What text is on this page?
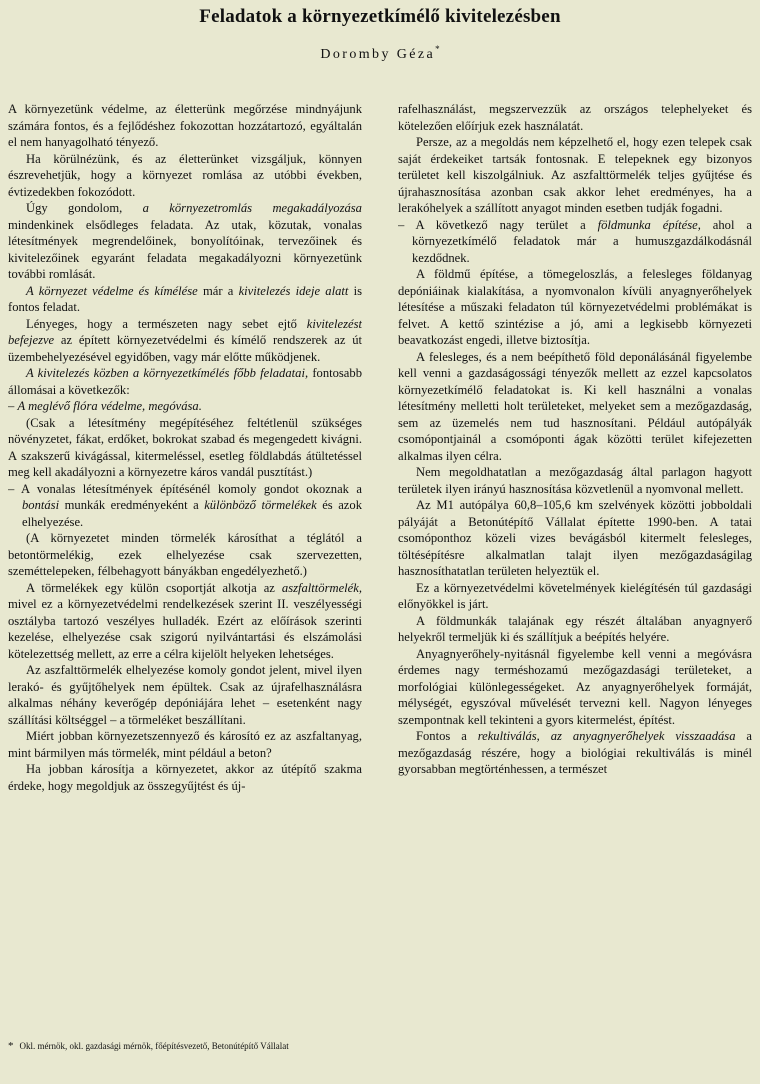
Feladatok a környezetkímélő kivitelezésben
Doromby Géza*

A környezetünk védelme, az életterünk megőrzése mindnyájunk számára fontos, és a fejlődéshez fokozottan hozzátartozó, egyáltalán el nem hanyagolható tényező.

Ha körülnézünk, és az életterünket vizsgáljuk, könnyen észrevehetjük, hogy a környezet romlása az utóbbi években, évtizedekben fokozódott.

Úgy gondolom, a környezetromlás megakadályozása mindenkinek elsődleges feladata. Az utak, közutak, vonalas létesítmények megrendelőinek, bonyolítóinak, tervezőinek és kivitelezőinek egyaránt feladata megakadályozni környezetünk további romlását.

A környezet védelme és kímélése már a kivitelezés ideje alatt is fontos feladat.

Lényeges, hogy a természeten nagy sebet ejtő kivitelezést befejezve az épített környezetvédelmi és kímélő rendszerek az út üzembehelyezésével egyidőben, vagy már előtte működjenek.

A kivitelezés közben a környezetkímélés főbb feladatai, fontosabb állomásai a következők:

– A meglévő flóra védelme, megóvása.

(Csak a létesítmény megépítéséhez feltétlenül szükséges növényzetet, fákat, erdőket, bokrokat szabad és megengedett kivágni. A szakszerű kivágással, kitermeléssel, esetleg földlabdás átültetéssel meg kell akadályozni a környezetre káros vandál pusztítást.)

– A vonalas létesítmények építésénél komoly gondot okoznak a bontási munkák eredményeként a különböző törmelékek és azok elhelyezése.

(A környezetet minden törmelék károsíthat a téglától a betontörmelékig, ezek elhelyezése csak szervezetten, szeméttelepeken, félbehagyott bányákban engedélyezhető.)

A törmelékek egy külön csoportját alkotja az aszfalttörmelék, mivel ez a környezetvédelmi rendelkezések szerint II. veszélyességi osztályba tartozó veszélyes hulladék. Ezért az előírások szerinti kezelése, elhelyezése csak szigorú nyilvántartási és elszámolási kötelezettség mellett, az erre a célra kijelölt helyeken lehetséges.

Az aszfalttörmelék elhelyezése komoly gondot jelent, mivel ilyen lerakó- és gyűjtőhelyek nem épültek. Csak az újrafelhasználásra alkalmas néhány keverőgép depóniájára lehet – esetenként nagy szállítási költséggel – a törmeléket beszállítani.

Miért jobban környezetszennyező és károsító ez az aszfaltanyag, mint bármilyen más törmelék, mint például a beton?

Ha jobban károsítja a környezetet, akkor az útépítő szakma érdeke, hogy megoldjuk az összegyűjtést és új-

rafelhasználást, megszervezzük az országos telephelyeket és kötelezően előírjuk ezek használatát.

Persze, az a megoldás nem képzelhető el, hogy ezen telepek csak saját érdekeiket tartsák fontosnak. E telepeknek egy bizonyos területet kell kiszolgálniuk. Az aszfalttörmelék teljes gyűjtése és újrahasznosítása azonban csak akkor lehet eredményes, ha a lerakóhelyek a szállított anyagot minden esetben tudják fogadni.

– A következő nagy terület a földmunka építése, ahol a környezetkímélő feladatok már a humuszgazdálkodásnál kezdődnek.

A földmű építése, a tömegeloszlás, a felesleges földanyag depóniáinak kialakítása, a nyomvonalon kívüli anyagnyerőhelyek létesítése a műszaki feladaton túl környezetvédelmi problémákat is felvet. A kettő szintézise a jó, ami a legkisebb környezeti beavatkozást engedi, illetve biztosítja.

A felesleges, és a nem beépíthető föld deponálásánál figyelembe kell venni a gazdaságossági tényezők mellett az ezzel kapcsolatos környezetkímélő feladatokat is. Ki kell használni a vonalas létesítmény melletti holt területeket, melyeket sem a mezőgazdaság, sem az üzemelés nem tud hasznosítani. Például autópályák csomópontjainál a csomóponti ágak közötti terület kifejezetten alkalmas ilyen célra.

Nem megoldhatatlan a mezőgazdaság által parlagon hagyott területek ilyen irányú hasznosítása közvetlenül a nyomvonal mellett.

Az M1 autópálya 60,8–105,6 km szelvények közötti jobboldali pályáját a Betonútépítő Vállalat építette 1990-ben. A tatai csomóponthoz közeli vizes bevágásból kitermelt felesleges, töltésépítésre alkalmatlan talajt ilyen mezőgazdaságilag hasznosíthatatlan területen helyeztük el.

Ez a környezetvédelmi követelmények kielégítésén túl gazdasági előnyökkel is járt.

A földmunkák talajának egy részét általában anyagnyerő helyekről termeljük ki és szállítjuk a beépítés helyére.

Anyagnyerőhely-nyitásnál figyelembe kell venni a megóvásra érdemes nagy terméshozamú mezőgazdasági területeket, a morfológiai különlegességeket. Az anyagnyerőhelyek formáját, mélységét, egyszóval művelését tervezni kell. Nagyon lényeges szempontnak kell tekinteni a gyors kitermelést, építést.

Fontos a rekultiválás, az anyagnyerőhelyek visszaadása a mezőgazdaság részére, hogy a biológiai rekultiválás is minél gyorsabban megtörténhessen, a természet

* Okl. mérnök, okl. gazdasági mérnök, főépítésvezető, Betonútépítő Vállalat
